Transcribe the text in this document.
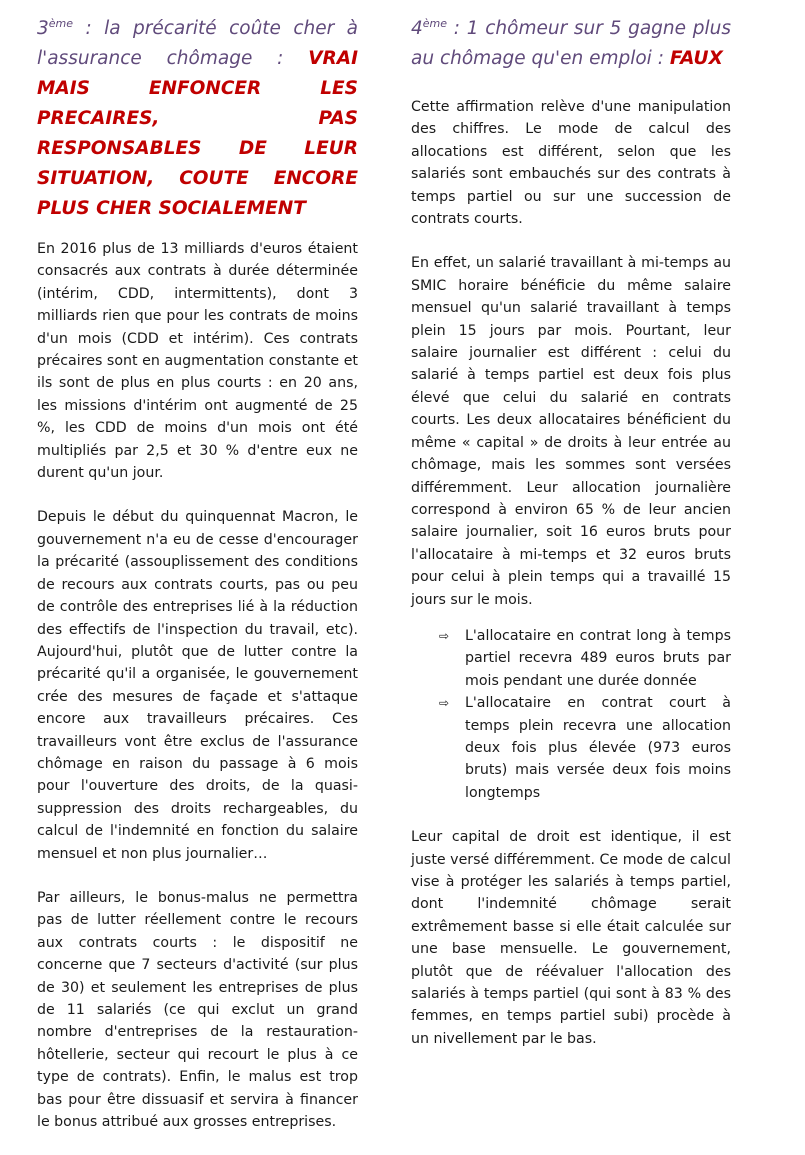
3ème : la précarité coûte cher à l'assurance chômage : VRAI MAIS ENFONCER LES PRECAIRES, PAS RESPONSABLES DE LEUR SITUATION, COUTE ENCORE PLUS CHER SOCIALEMENT

En 2016 plus de 13 milliards d'euros étaient consacrés aux contrats à durée déterminée (intérim, CDD, intermittents), dont 3 milliards rien que pour les contrats de moins d'un mois (CDD et intérim). Ces contrats précaires sont en augmentation constante et ils sont de plus en plus courts : en 20 ans, les missions d'intérim ont augmenté de 25 %, les CDD de moins d'un mois ont été multipliés par 2,5 et 30 % d'entre eux ne durent qu'un jour.

Depuis le début du quinquennat Macron, le gouvernement n'a eu de cesse d'encourager la précarité (assouplissement des conditions de recours aux contrats courts, pas ou peu de contrôle des entreprises lié à la réduction des effectifs de l'inspection du travail, etc). Aujourd'hui, plutôt que de lutter contre la précarité qu'il a organisée, le gouvernement crée des mesures de façade et s'attaque encore aux travailleurs précaires. Ces travailleurs vont être exclus de l'assurance chômage en raison du passage à 6 mois pour l'ouverture des droits, de la quasi-suppression des droits rechargeables, du calcul de l'indemnité en fonction du salaire mensuel et non plus journalier…

Par ailleurs, le bonus-malus ne permettra pas de lutter réellement contre le recours aux contrats courts : le dispositif ne concerne que 7 secteurs d'activité (sur plus de 30) et seulement les entreprises de plus de 11 salariés (ce qui exclut un grand nombre d'entreprises de la restauration-hôtellerie, secteur qui recourt le plus à ce type de contrats). Enfin, le malus est trop bas pour être dissuasif et servira à financer le bonus attribué aux grosses entreprises.

4ème : 1 chômeur sur 5 gagne plus au chômage qu'en emploi : FAUX

Cette affirmation relève d'une manipulation des chiffres. Le mode de calcul des allocations est différent, selon que les salariés sont embauchés sur des contrats à temps partiel ou sur une succession de contrats courts.

En effet, un salarié travaillant à mi-temps au SMIC horaire bénéficie du même salaire mensuel qu'un salarié travaillant à temps plein 15 jours par mois. Pourtant, leur salaire journalier est différent : celui du salarié à temps partiel est deux fois plus élevé que celui du salarié en contrats courts. Les deux allocataires bénéficient du même « capital » de droits à leur entrée au chômage, mais les sommes sont versées différemment. Leur allocation journalière correspond à environ 65 % de leur ancien salaire journalier, soit 16 euros bruts pour l'allocataire à mi-temps et 32 euros bruts pour celui à plein temps qui a travaillé 15 jours sur le mois.

⇨ L'allocataire en contrat long à temps partiel recevra 489 euros bruts par mois pendant une durée donnée
⇨ L'allocataire en contrat court à temps plein recevra une allocation deux fois plus élevée (973 euros bruts) mais versée deux fois moins longtemps

Leur capital de droit est identique, il est juste versé différemment. Ce mode de calcul vise à protéger les salariés à temps partiel, dont l'indemnité chômage serait extrêmement basse si elle était calculée sur une base mensuelle. Le gouvernement, plutôt que de réévaluer l'allocation des salariés à temps partiel (qui sont à 83 % des femmes, en temps partiel subi) procède à un nivellement par le bas.
